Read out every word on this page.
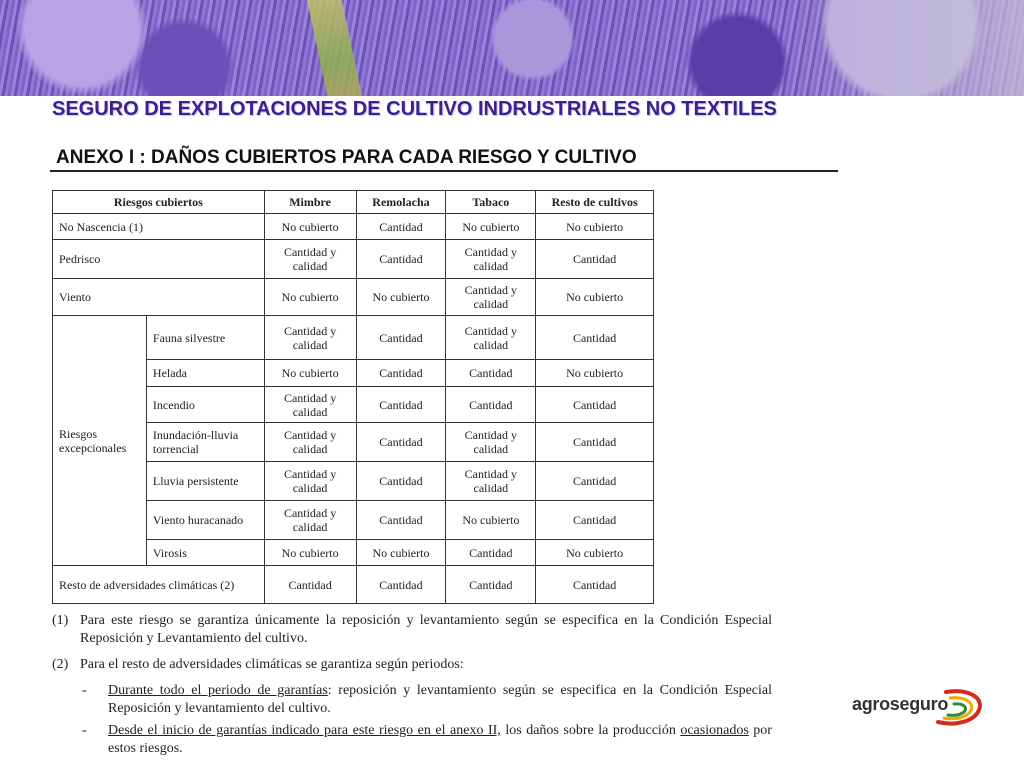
SEGURO DE EXPLOTACIONES DE CULTIVO INDRUSTRIALES NO TEXTILES
ANEXO I : DAÑOS CUBIERTOS PARA CADA RIESGO Y CULTIVO
Riesgos cubiertos		Mimbre	Remolacha	Tabaco	Resto de cultivos
No Nascencia (1)		No cubierto	Cantidad	No cubierto	No cubierto
Pedrisco		Cantidad y calidad	Cantidad	Cantidad y calidad	Cantidad
Viento		No cubierto	No cubierto	Cantidad y calidad	No cubierto
Riesgos excepcionales	Fauna silvestre	Cantidad y calidad	Cantidad	Cantidad y calidad	Cantidad
	Helada	No cubierto	Cantidad	Cantidad	No cubierto
	Incendio	Cantidad y calidad	Cantidad	Cantidad	Cantidad
	Inundación-lluvia torrencial	Cantidad y calidad	Cantidad	Cantidad y calidad	Cantidad
	Lluvia persistente	Cantidad y calidad	Cantidad	Cantidad y calidad	Cantidad
	Viento huracanado	Cantidad y calidad	Cantidad	No cubierto	Cantidad
	Virosis	No cubierto	No cubierto	Cantidad	No cubierto
Resto de adversidades climáticas (2)		Cantidad	Cantidad	Cantidad	Cantidad
(1) Para este riesgo se garantiza únicamente la reposición y levantamiento según se especifica en la Condición Especial Reposición y Levantamiento del cultivo.
(2) Para el resto de adversidades climáticas se garantiza según periodos:
-	Durante todo el periodo de garantías: reposición y levantamiento según se especifica en la Condición Especial Reposición y levantamiento del cultivo.
-	Desde el inicio de garantías indicado para este riesgo en el anexo II, los daños sobre la producción ocasionados por estos riesgos.
agroseguro
